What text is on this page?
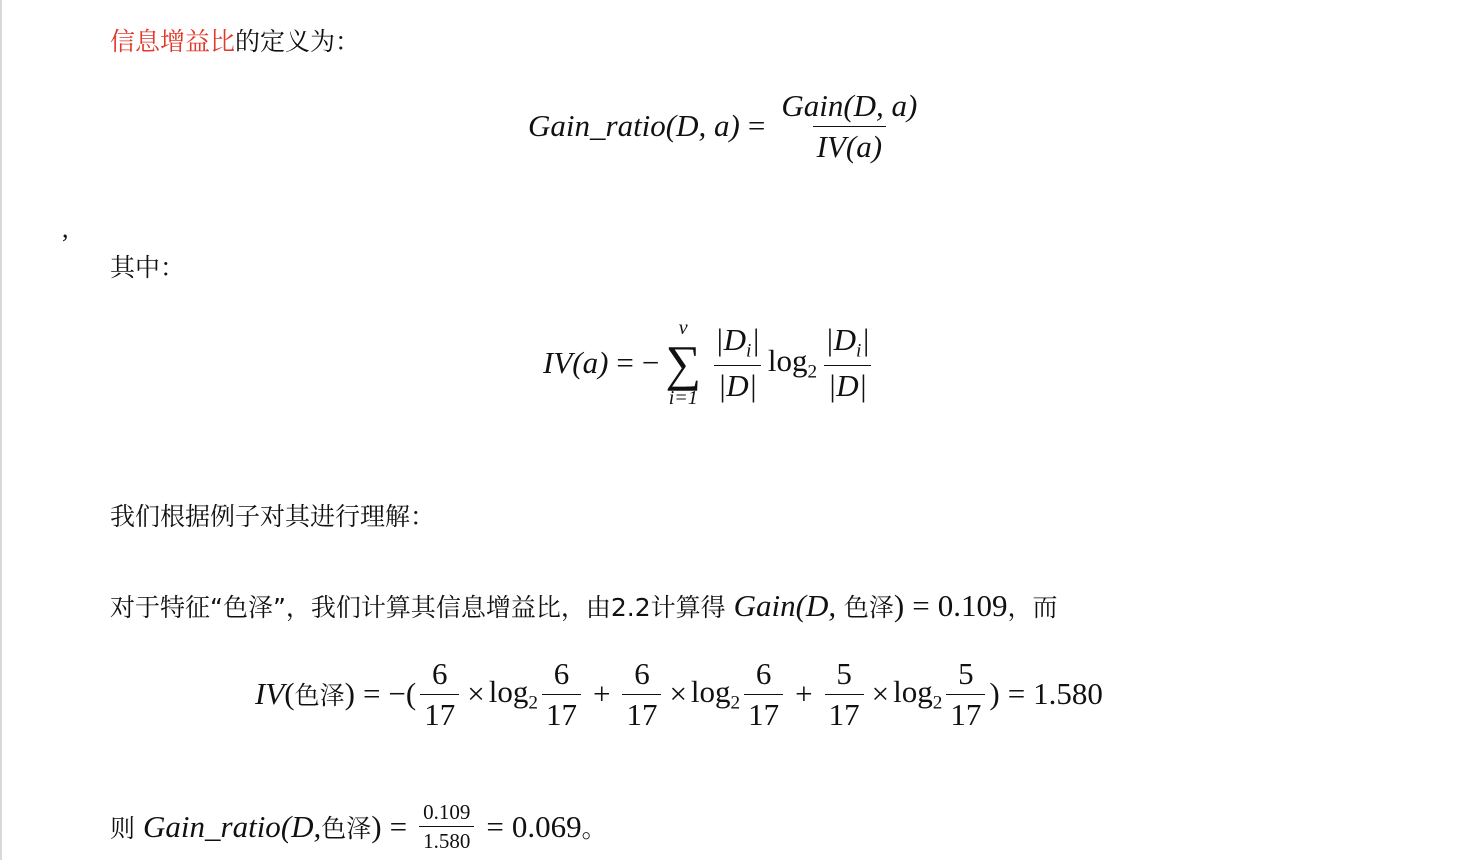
信息增益比 的定义为：
Gain_ratio (D, $a) = \frac{\text{Gain(D, a)}}{IV(a)}$
,
其中：
IV (a) = −
v
∑
$i=1 \frac{|D_i|}{|D|} \log_2 \frac{|D_i|}{|D|}$
我们根据例子对其进行理解：
对于特征“色泽”，我们计算其信息增益比，由2.2计算得 Gain(D, 色泽) = 0.109 ，而
IV ( 色泽 ) = −( $\frac{6}{17} \times \log_2 \frac{6}{17} + \frac{6}{17} \times \log_2 \frac{6}{17} + \frac{5}{17} \times \log_2 \frac{5}{17}$ ) = 1.580
则 Gain_ratio (D, 色泽 ) = $\frac{0.109}{1.580} = 0.069$ 。
